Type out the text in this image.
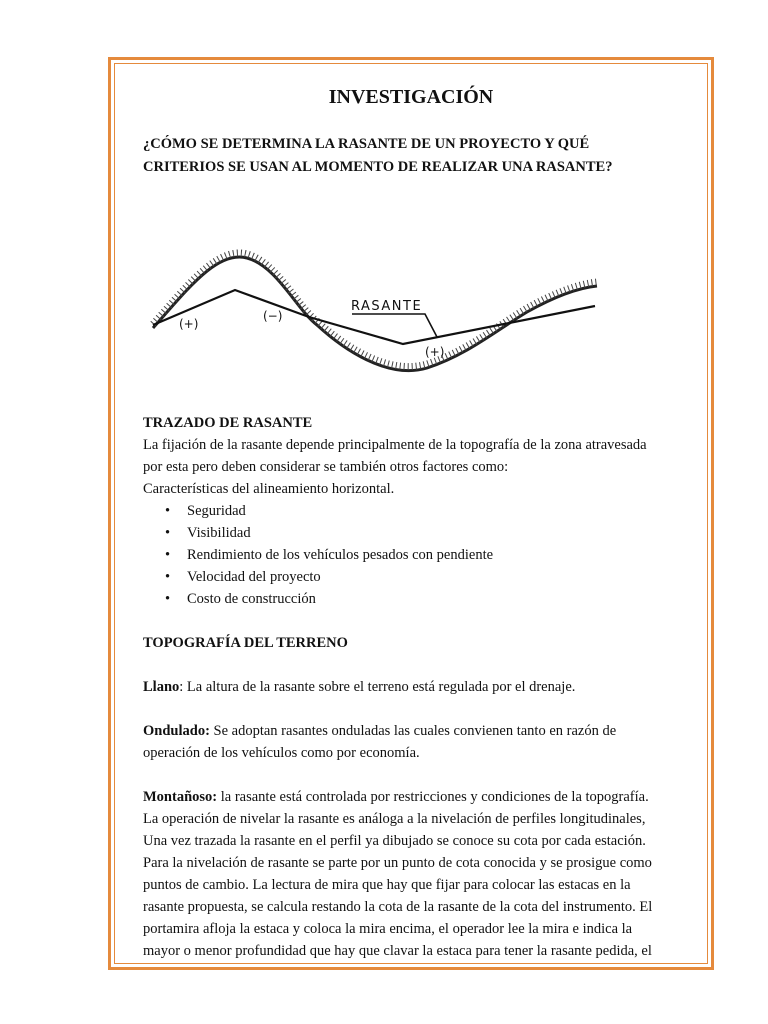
INVESTIGACIÓN

¿CÓMO SE DETERMINA LA RASANTE DE UN PROYECTO Y QUÉ

CRITERIOS SE USAN AL MOMENTO DE REALIZAR UNA RASANTE?

RASANTE
(+)
(−)
(+)

TRAZADO DE RASANTE

La fijación de la rasante depende principalmente de la topografía de la zona atravesada

por esta pero deben considerar se también otros factores como:

Características del alineamiento horizontal.

• Seguridad
• Visibilidad
• Rendimiento de los vehículos pesados con pendiente
• Velocidad del proyecto
• Costo de construcción

TOPOGRAFÍA DEL TERRENO

Llano: La altura de la rasante sobre el terreno está regulada por el drenaje.

Ondulado: Se adoptan rasantes onduladas las cuales convienen tanto en razón de

operación de los vehículos como por economía.

Montañoso: la rasante está controlada por restricciones y condiciones de la topografía.

La operación de nivelar la rasante es análoga a la nivelación de perfiles longitudinales,

Una vez trazada la rasante en el perfil ya dibujado se conoce su cota por cada estación.

Para la nivelación de rasante se parte por un punto de cota conocida y se prosigue como

puntos de cambio. La lectura de mira que hay que fijar para colocar las estacas en la

rasante propuesta, se calcula restando la cota de la rasante de la cota del instrumento. El

portamira afloja la estaca y coloca la mira encima, el operador lee la mira e indica la

mayor o menor profundidad que hay que clavar la estaca para tener la rasante pedida, el
